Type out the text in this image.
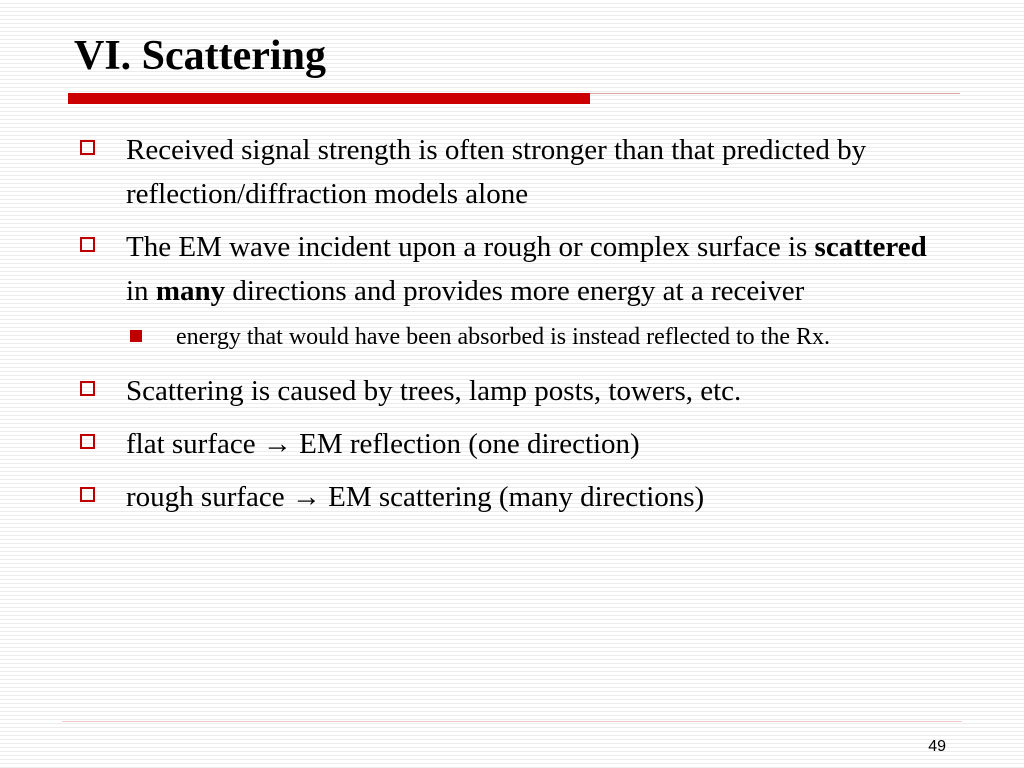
VI. Scattering
Received signal strength is often stronger than that predicted by reflection/diffraction models alone
The EM wave incident upon a rough or complex surface is scattered in many directions and provides more energy at a receiver
energy that would have been absorbed is instead reflected to the Rx.
Scattering is caused by trees, lamp posts, towers, etc.
flat surface → EM reflection (one direction)
rough surface → EM scattering (many directions)
49
